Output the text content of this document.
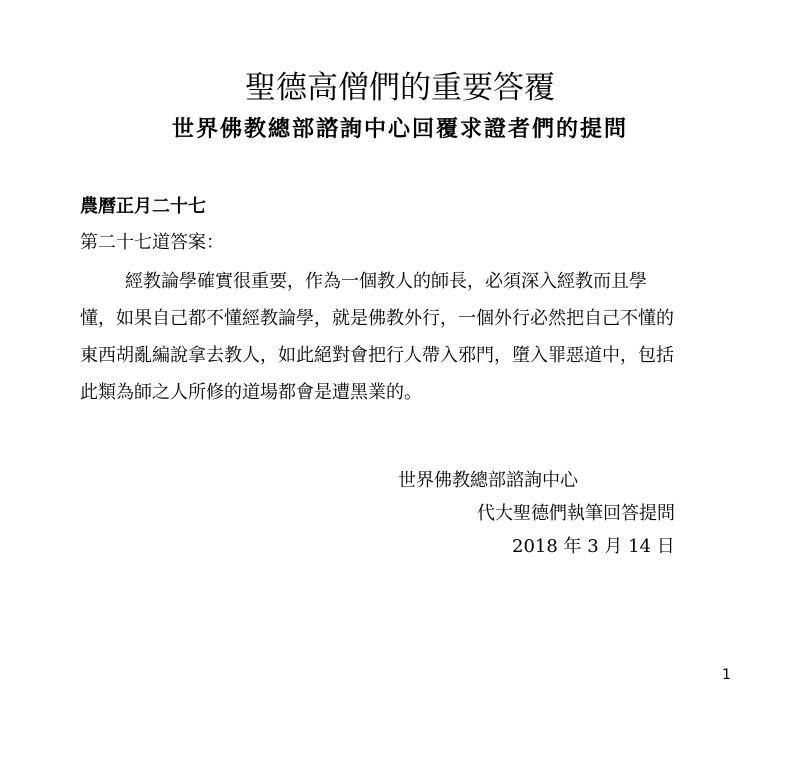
聖德高僧們的重要答覆
世界佛教總部諮詢中心回覆求證者們的提問

農曆正月二十七

第二十七道答案：

經教論學確實很重要，作為一個教人的師長，必須深入經教而且學
懂，如果自己都不懂經教論學，就是佛教外行，一個外行必然把自己不懂的
東西胡亂編說拿去教人，如此絕對會把行人帶入邪門，墮入罪惡道中，包括
此類為師之人所修的道場都會是遭黑業的。

世界佛教總部諮詢中心

代大聖德們執筆回答提問

2018 年 3 月 14 日

1
